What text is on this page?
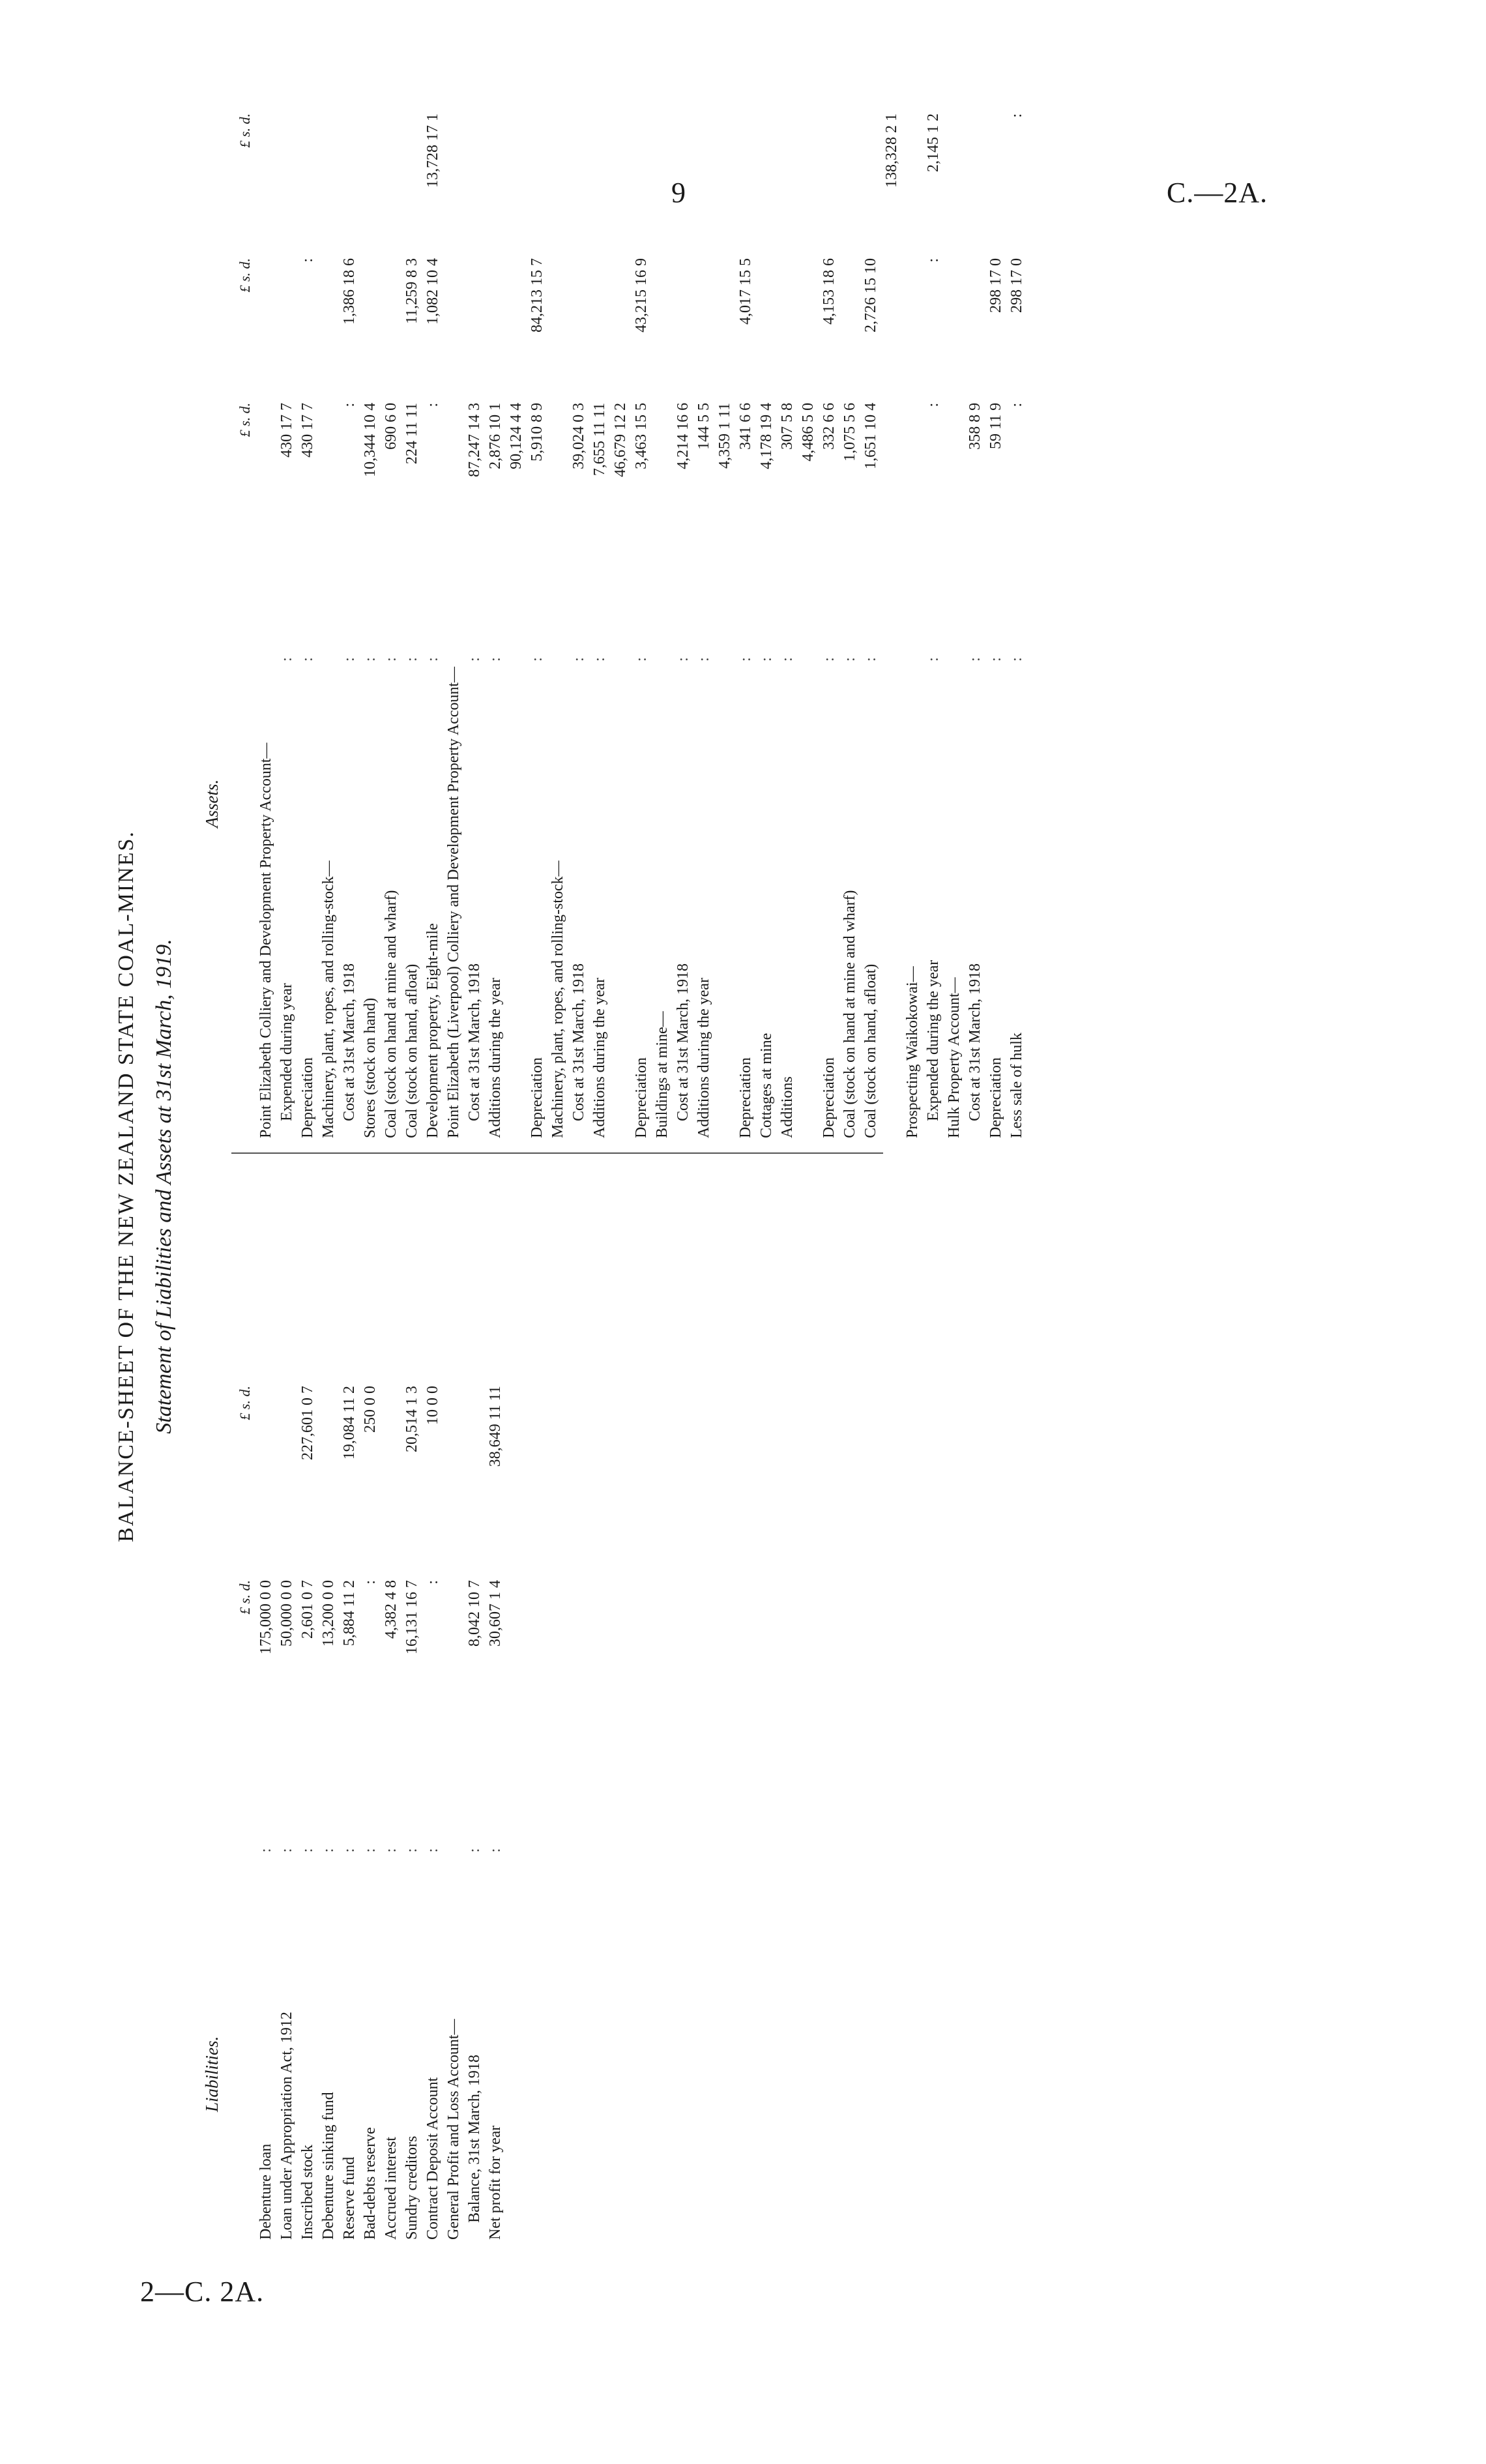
9	C.—2A.
2—C. 2A.
BALANCE-SHEET OF THE NEW ZEALAND STATE COAL-MINES. Statement of Liabilities and Assets at 31st March, 1919.
Liabilities.
Assets.
		£ s. d.	£ s. d.
Debenture loan	:	175,000 0 0	
Loan under Appropriation Act, 1912	:	50,000 0 0	
Inscribed stock	:	2,601 0 7	227,601 0 7

Debenture sinking fund	:	13,200 0 0	
Reserve fund	:	5,884 11 2	19,084 11 2

Bad-debts reserve	:	:	250 0 0

Accrued interest	:	4,382 4 8	
Sundry creditors	:	16,131 16 7	20,514 1 3

Contract Deposit Account	:	:	10 0 0

General Profit and Loss Account—			
Balance, 31st March, 1918	:	8,042 10 7	
Net profit for year	:	30,607 1 4	38,649 11 11
		£ s. d.	£ s. d.	£ s. d.
Point Elizabeth Colliery and Development Property Account—				
Expended during year	:	430 17 7		
Depreciation	:	430 17 7	:	

Machinery, plant, ropes, and rolling-stock—				
Cost at 31st March, 1918	:	:	1,386 18 6	

Stores (stock on hand)	:	10,344 10 4		
Coal (stock on hand at mine and wharf)	:	690 6 0		
Coal (stock on hand, afloat)	:	224 11 11	11,259 8 3	

Development property, Eight-mile	:	:	1,082 10 4	13,728 17 1

Point Elizabeth (Liverpool) Colliery and Development Property Account—				
Cost at 31st March, 1918	:	87,247 14 3		
Additions during the year	:	2,876 10 1		
		90,124 4 4		
Depreciation	:	5,910 8 9	84,213 15 7	

Machinery, plant, ropes, and rolling-stock—				
Cost at 31st March, 1918	:	39,024 0 3		
Additions during the year	:	7,655 11 11		
		46,679 12 2		
Depreciation	:	3,463 15 5	43,215 16 9	

Buildings at mine—				
Cost at 31st March, 1918	:	4,214 16 6		
Additions during the year	:	144 5 5		
		4,359 1 11		
Depreciation	:	341 6 6	4,017 15 5	

Cottages at mine	:	4,178 19 4		
Additions	:	307 5 8		
		4,486 5 0		
Depreciation	:	332 6 6	4,153 18 6	

Coal (stock on hand at mine and wharf)	:	1,075 5 6		
Coal (stock on hand, afloat)	:	1,651 10 4	2,726 15 10	
				138,328 2 1
Prospecting Waikokowai—				
Expended during the year	:	:	:	2,145 1 2

Hulk Property Account—				
Cost at 31st March, 1918	:	358 8 9		
Depreciation	:	59 11 9	298 17 0	

Less sale of hulk	:	:	298 17 0	:
